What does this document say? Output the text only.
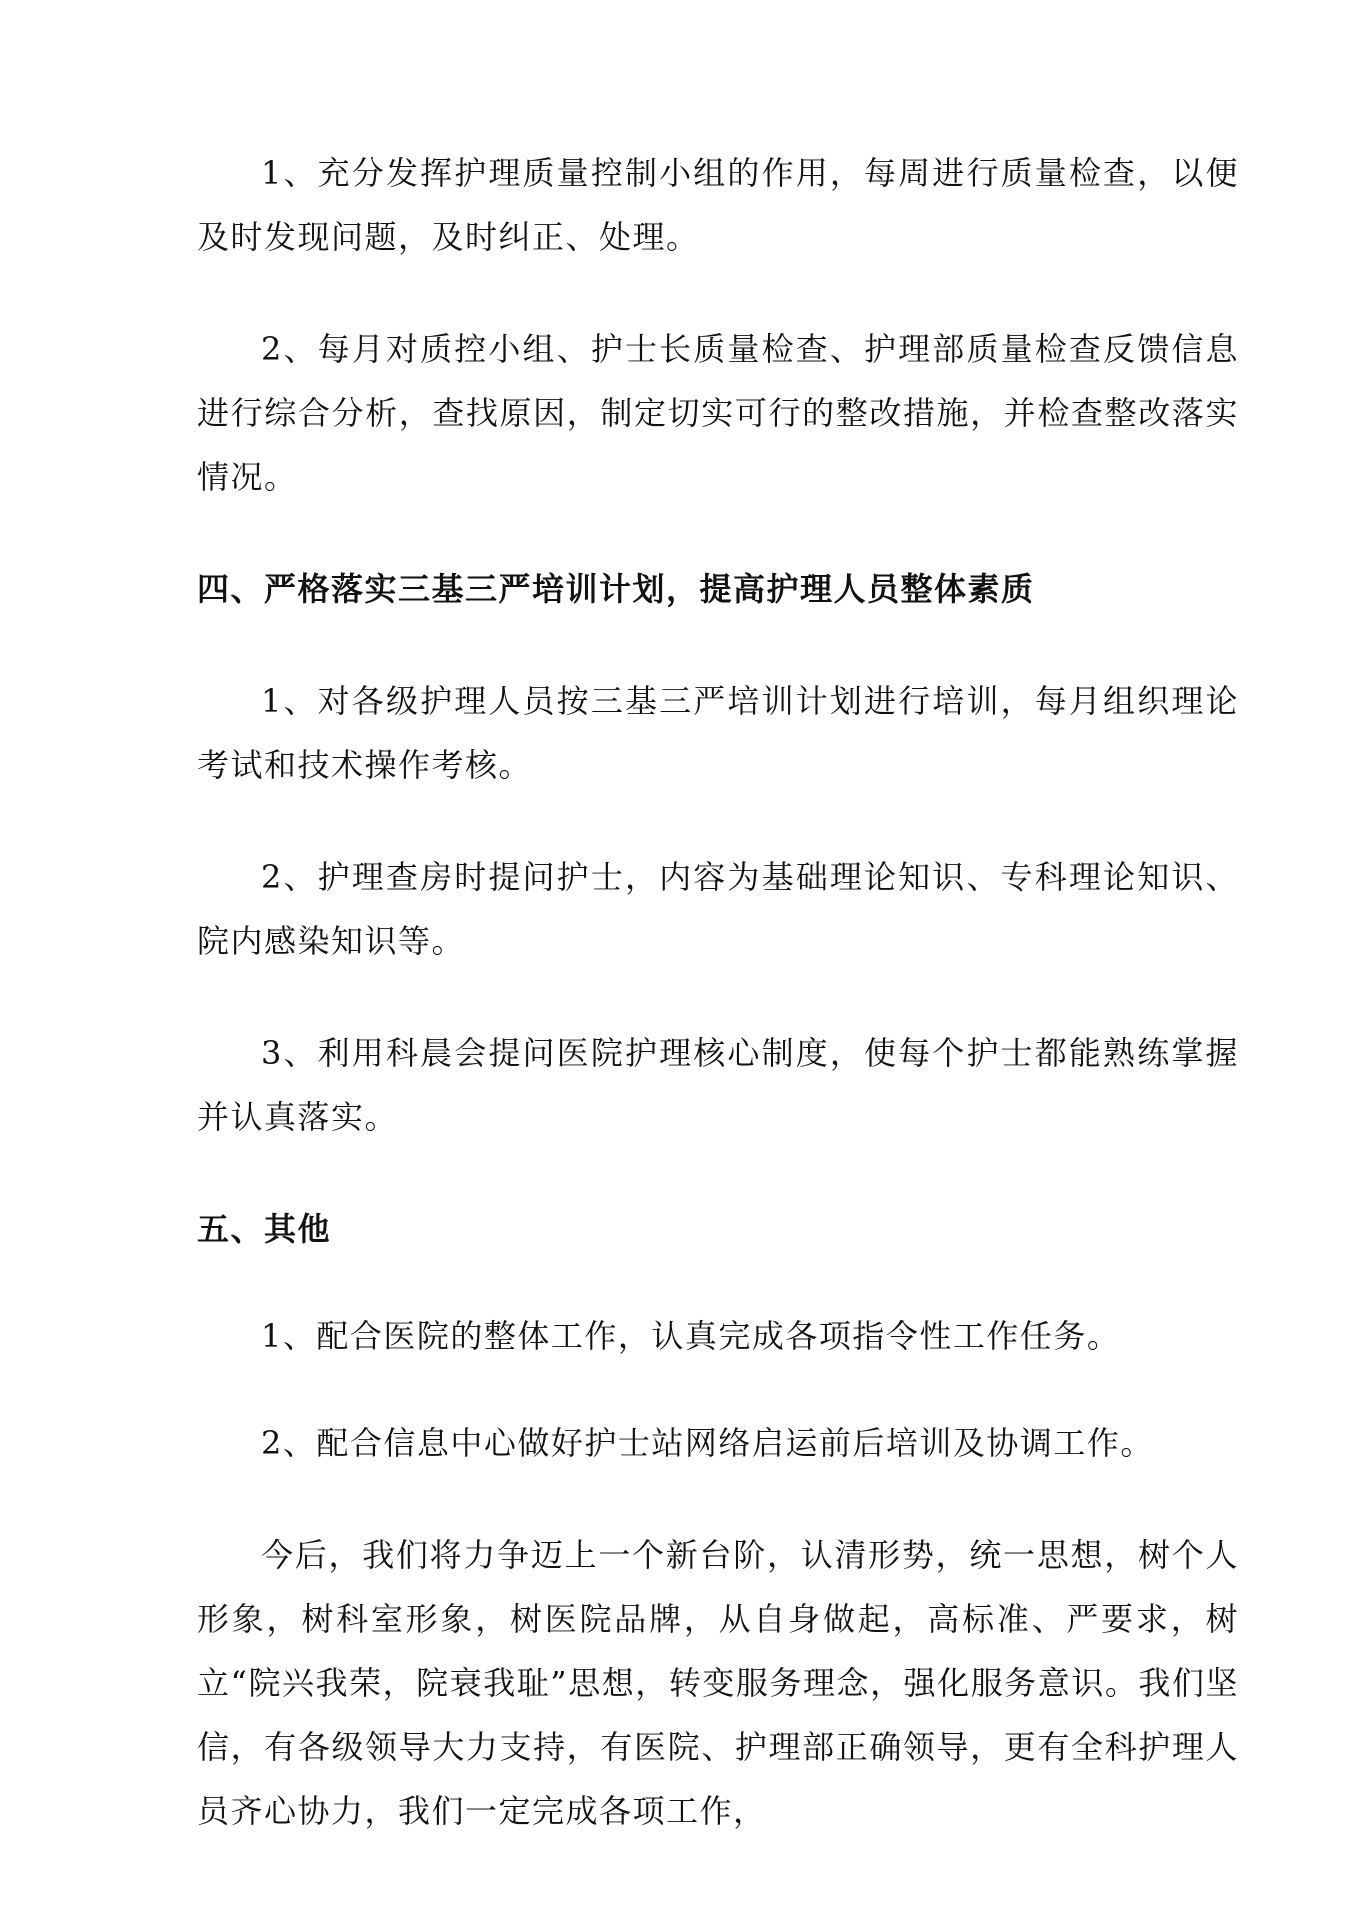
1、充分发挥护理质量控制小组的作用，每周进行质量检查，以便及时发现问题，及时纠正、处理。

2、每月对质控小组、护士长质量检查、护理部质量检查反馈信息进行综合分析，查找原因，制定切实可行的整改措施，并检查整改落实情况。

四、严格落实三基三严培训计划，提高护理人员整体素质

1、对各级护理人员按三基三严培训计划进行培训，每月组织理论考试和技术操作考核。

2、护理查房时提问护士，内容为基础理论知识、专科理论知识、院内感染知识等。

3、利用科晨会提问医院护理核心制度，使每个护士都能熟练掌握并认真落实。

五、其他

1、配合医院的整体工作，认真完成各项指令性工作任务。

2、配合信息中心做好护士站网络启运前后培训及协调工作。

今后，我们将力争迈上一个新台阶，认清形势，统一思想，树个人形象，树科室形象，树医院品牌，从自身做起，高标准、严要求，树立“院兴我荣，院衰我耻”思想，转变服务理念，强化服务意识。我们坚信，有各级领导大力支持，有医院、护理部正确领导，更有全科护理人员齐心协力，我们一定完成各项工作，
